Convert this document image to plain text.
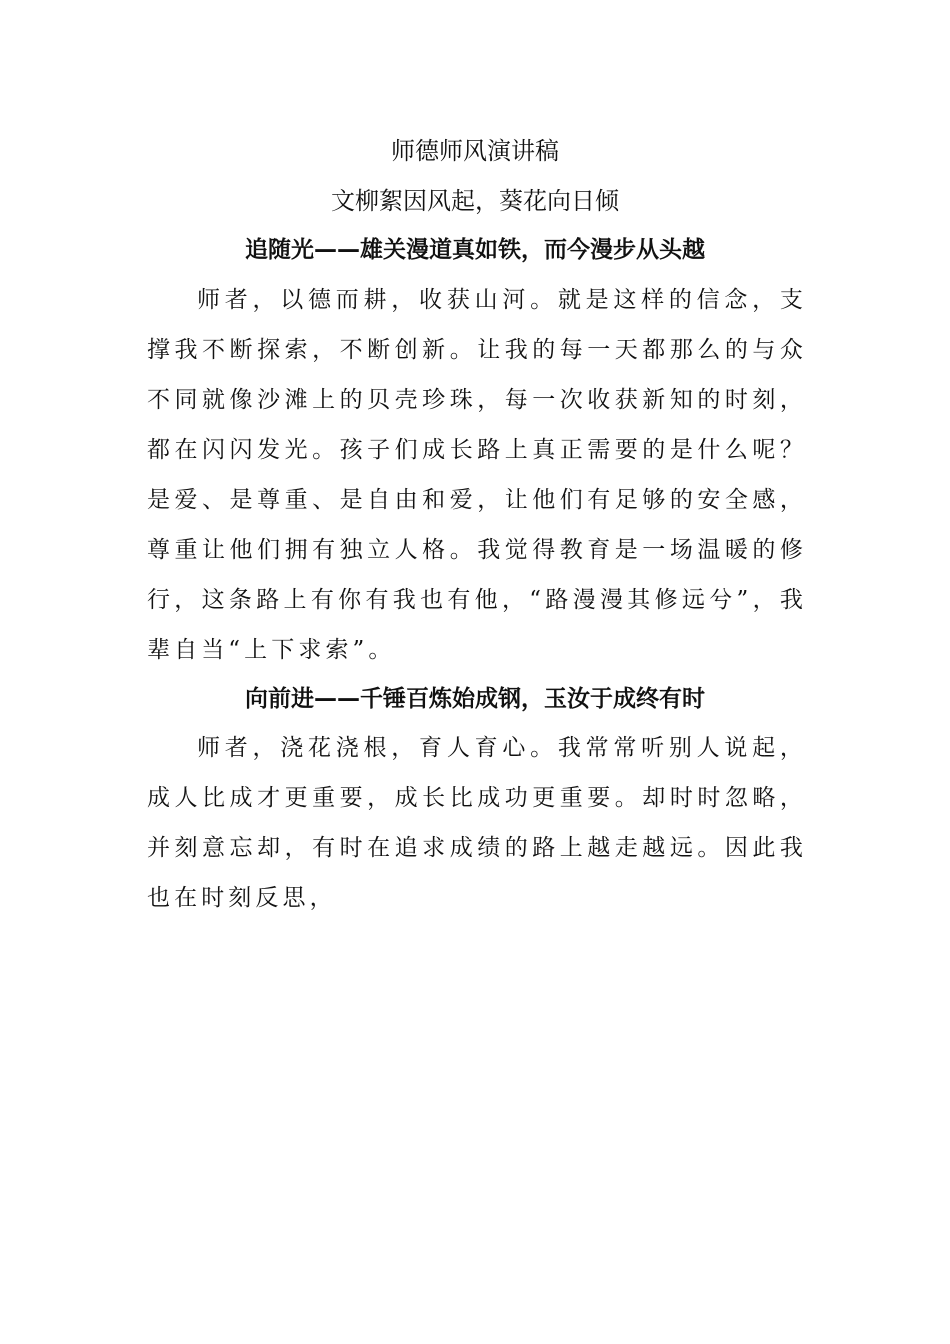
师德师风演讲稿
文柳絮因风起，葵花向日倾
追随光——雄关漫道真如铁，而今漫步从头越

师者，以德而耕，收获山河。就是这样的信念，支撑我不断探索，不断创新。让我的每一天都那么的与众不同就像沙滩上的贝壳珍珠，每一次收获新知的时刻，都在闪闪发光。孩子们成长路上真正需要的是什么呢？是爱、是尊重、是自由和爱，让他们有足够的安全感，尊重让他们拥有独立人格。我觉得教育是一场温暖的修行，这条路上有你有我也有他，“路漫漫其修远兮”，我辈自当“上下求索”。

向前进——千锤百炼始成钢，玉汝于成终有时

师者，浇花浇根，育人育心。我常常听别人说起，成人比成才更重要，成长比成功更重要。却时时忽略，并刻意忘却，有时在追求成绩的路上越走越远。因此我也在时刻反思，
